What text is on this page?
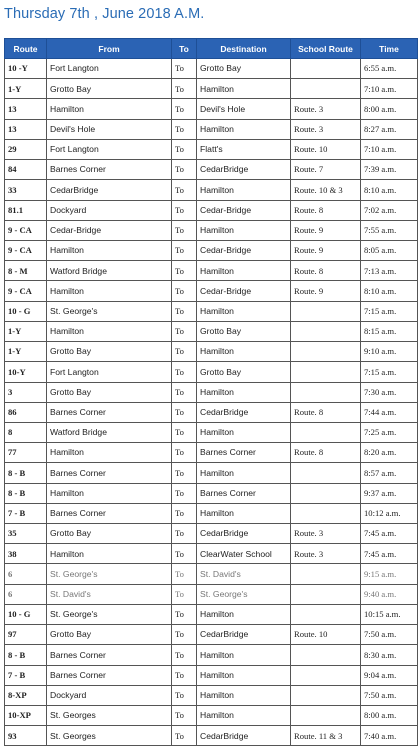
Thursday 7th , June 2018 A.M.
Route	From	To	Destination	School Route	Time
10 -Y	Fort Langton	To	Grotto Bay		6:55 a.m.
1-Y	Grotto Bay	To	Hamilton		7:10 a.m.
13	Hamilton	To	Devil's Hole	Route. 3	8:00 a.m.
13	Devil's Hole	To	Hamilton	Route. 3	8:27 a.m.
29	Fort Langton	To	Flatt's	Route. 10	7:10 a.m.
84	Barnes Corner	To	CedarBridge	Route. 7	7:39 a.m.
33	CedarBridge	To	Hamilton	Route. 10 & 3	8:10 a.m.
81.1	Dockyard	To	Cedar-Bridge	Route. 8	7:02 a.m.
9 - CA	Cedar-Bridge	To	Hamilton	Route. 9	7:55 a.m.
9 - CA	Hamilton	To	Cedar-Bridge	Route. 9	8:05 a.m.
8 - M	Watford Bridge	To	Hamilton	Route. 8	7:13 a.m.
9 - CA	Hamilton	To	Cedar-Bridge	Route. 9	8:10 a.m.
10 - G	St. George's	To	Hamilton		7:15 a.m.
1-Y	Hamilton	To	Grotto Bay		8:15 a.m.
1-Y	Grotto Bay	To	Hamilton		9:10 a.m.
10-Y	Fort Langton	To	Grotto Bay		7:15 a.m.
3	Grotto Bay	To	Hamilton		7:30 a.m.
86	Barnes Corner	To	CedarBridge	Route. 8	7:44 a.m.
8	Watford Bridge	To	Hamilton		7:25 a.m.
77	Hamilton	To	Barnes Corner	Route. 8	8:20 a.m.
8 - B	Barnes Corner	To	Hamilton		8:57 a.m.
8 - B	Hamilton	To	Barnes Corner		9:37 a.m.
7 - B	Barnes Corner	To	Hamilton		10:12 a.m.
35	Grotto Bay	To	CedarBridge	Route. 3	7:45 a.m.
38	Hamilton	To	ClearWater School	Route. 3	7:45 a.m.
6	St. George's	To	St. David's		9:15 a.m.
6	St. David's	To	St. George's		9:40 a.m.
10 - G	St. George's	To	Hamilton		10:15 a.m.
97	Grotto Bay	To	CedarBridge	Route. 10	7:50 a.m.
8 - B	Barnes Corner	To	Hamilton		8:30 a.m.
7 - B	Barnes Corner	To	Hamilton		9:04 a.m.
8-XP	Dockyard	To	Hamilton		7:50 a.m.
10-XP	St. Georges	To	Hamilton		8:00 a.m.
93	St. Georges	To	CedarBridge	Route. 11 & 3	7:40 a.m.
